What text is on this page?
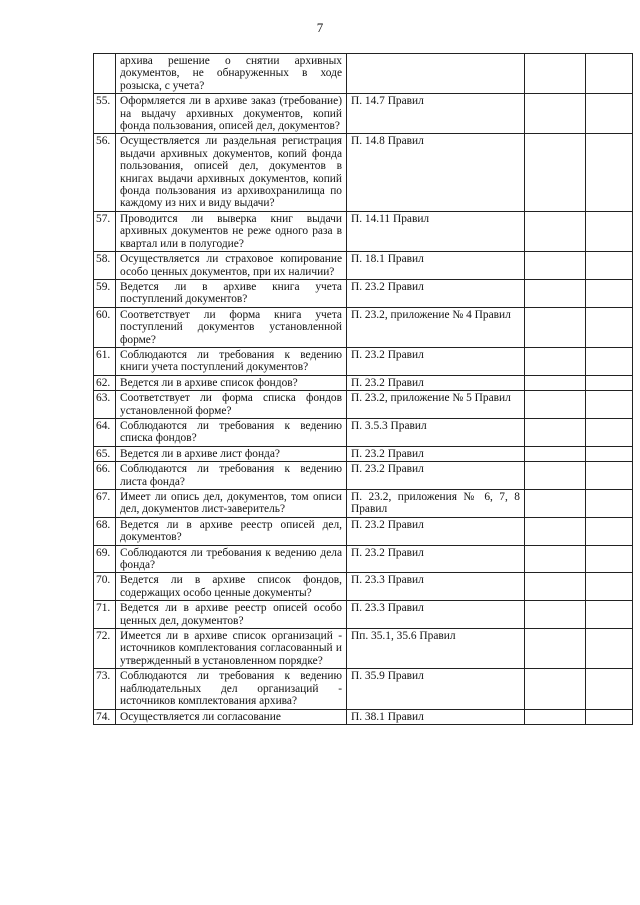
7
	архива решение о снятии архивных документов, не обнаруженных в ходе розыска, с учета?			
55.	Оформляется ли в архиве заказ (требование) на выдачу архивных документов, копий фонда пользования, описей дел, документов?	П. 14.7 Правил		
56.	Осуществляется ли раздельная регистрация выдачи архивных документов, копий фонда пользования, описей дел, документов в книгах выдачи архивных документов, копий фонда пользования из архивохранилища по каждому из них и виду выдачи?	П. 14.8 Правил		
57.	Проводится ли выверка книг выдачи архивных документов не реже одного раза в квартал или в полугодие?	П. 14.11 Правил		
58.	Осуществляется ли страховое копирование особо ценных документов, при их наличии?	П. 18.1 Правил		
59.	Ведется ли в архиве книга учета поступлений документов?	П. 23.2 Правил		
60.	Соответствует ли форма книга учета поступлений документов установленной форме?	П. 23.2, приложение № 4 Правил		
61.	Соблюдаются ли требования к ведению книги учета поступлений документов?	П. 23.2 Правил		
62.	Ведется ли в архиве список фондов?	П. 23.2 Правил		
63.	Соответствует ли форма списка фондов установленной форме?	П. 23.2, приложение № 5 Правил		
64.	Соблюдаются ли требования к ведению списка фондов?	П. 3.5.3 Правил		
65.	Ведется ли в архиве лист фонда?	П. 23.2 Правил		
66.	Соблюдаются ли требования к ведению листа фонда?	П. 23.2 Правил		
67.	Имеет ли опись дел, документов, том описи дел, документов лист-заверитель?	П. 23.2, приложения № 6, 7, 8 Правил		
68.	Ведется ли в архиве реестр описей дел, документов?	П. 23.2 Правил		
69.	Соблюдаются ли требования к ведению дела фонда?	П. 23.2 Правил		
70.	Ведется ли в архиве список фондов, содержащих особо ценные документы?	П. 23.3 Правил		
71.	Ведется ли в архиве реестр описей особо ценных дел, документов?	П. 23.3 Правил		
72.	Имеется ли в архиве список организаций - источников комплектования согласованный и утвержденный в установленном порядке?	Пп. 35.1, 35.6 Правил		
73.	Соблюдаются ли требования к ведению наблюдательных дел организаций - источников комплектования архива?	П. 35.9 Правил		
74.	Осуществляется ли согласование	П. 38.1 Правил		
